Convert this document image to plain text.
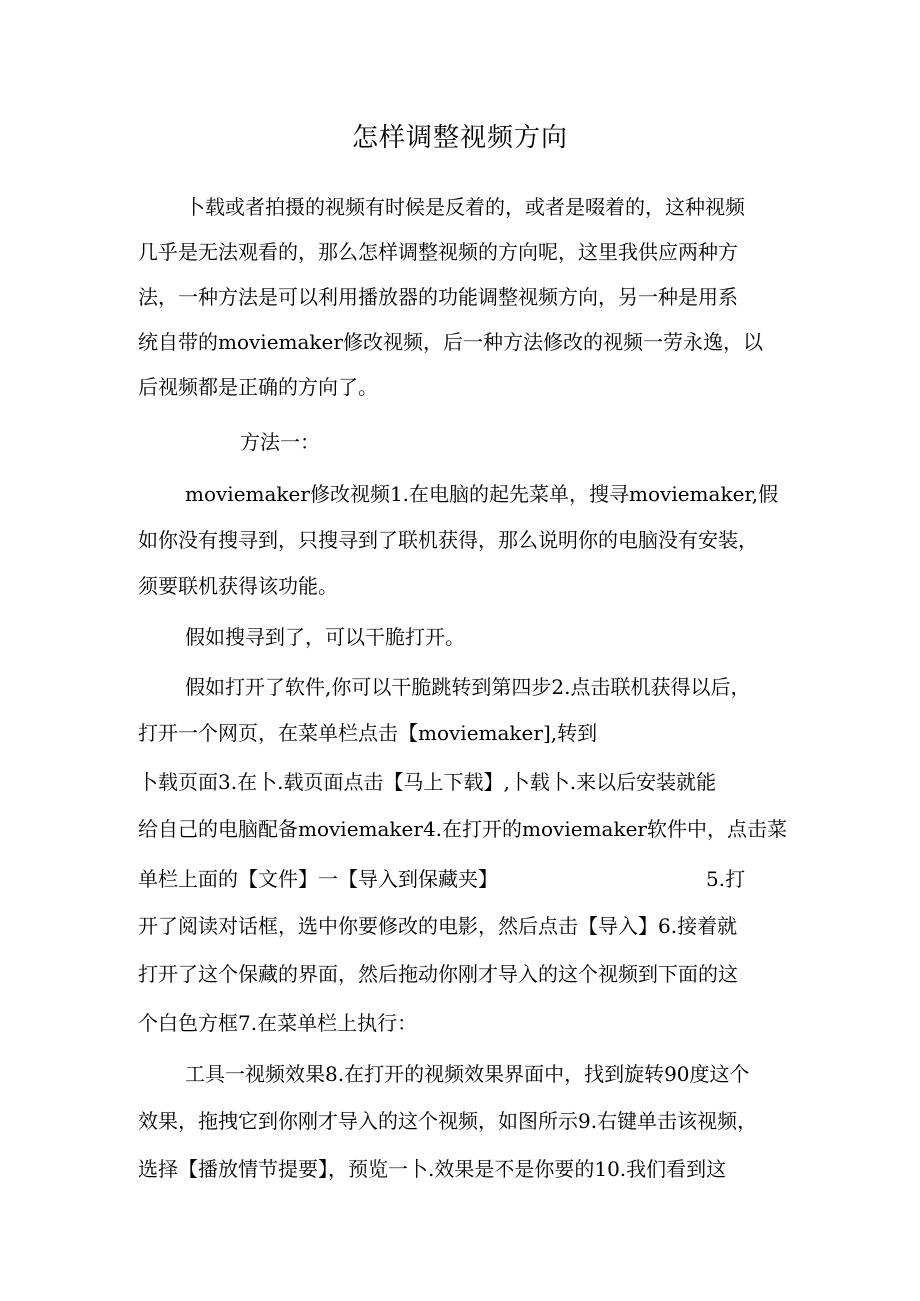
怎样调整视频方向
卜载或者拍摄的视频有时候是反着的，或者是啜着的，这种视频
几乎是无法观看的，那么怎样调整视频的方向呢，这里我供应两种方
法，一种方法是可以利用播放器的功能调整视频方向，另一种是用系
统自带的moviemaker修改视频，后一种方法修改的视频一劳永逸，以
后视频都是正确的方向了。
方法一：
moviemaker修改视频1.在电脑的起先菜单，搜寻moviemaker,假
如你没有搜寻到，只搜寻到了联机获得，那么说明你的电脑没有安装，
须要联机获得该功能。
假如搜寻到了，可以干脆打开。
假如打开了软件,你可以干脆跳转到第四步2.点击联机获得以后，
打开一个网页，在菜单栏点击【moviemaker],转到
卜载页面3.在卜.载页面点击【马上下载】,卜载卜.来以后安装就能
给自己的电脑配备moviemaker4.在打开的moviemaker软件中，点击菜
单栏上面的【文件】一【导入到保藏夹】	5.打
开了阅读对话框，选中你要修改的电影，然后点击【导入】6.接着就
打开了这个保藏的界面，然后拖动你刚才导入的这个视频到下面的这
个白色方框7.在菜单栏上执行：
工具一视频效果8.在打开的视频效果界面中，找到旋转90度这个
效果，拖拽它到你刚才导入的这个视频，如图所示9.右键单击该视频，
选择【播放情节提要】，预览一卜.效果是不是你要的10.我们看到这
